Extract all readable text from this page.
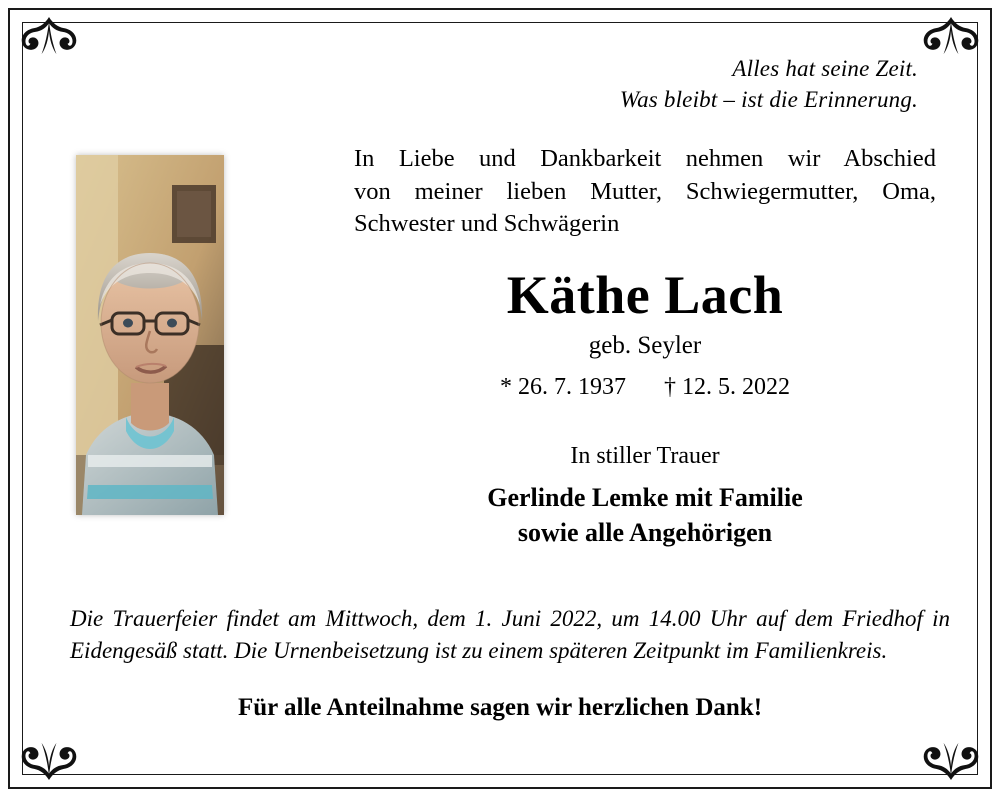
Alles hat seine Zeit.
Was bleibt – ist die Erinnerung.
In Liebe und Dankbarkeit nehmen wir Abschied
von meiner lieben Mutter, Schwiegermutter, Oma,
Schwester und Schwägerin
Käthe Lach
geb. Seyler
* 26. 7. 1937 † 12. 5. 2022
In stiller Trauer
Gerlinde Lemke mit Familie
sowie alle Angehörigen
Die Trauerfeier findet am Mittwoch, dem 1. Juni 2022, um 14.00 Uhr auf dem Friedhof in Eidengesäß statt. Die Urnenbeisetzung ist zu einem späteren Zeitpunkt im Familienkreis.
Für alle Anteilnahme sagen wir herzlichen Dank!
